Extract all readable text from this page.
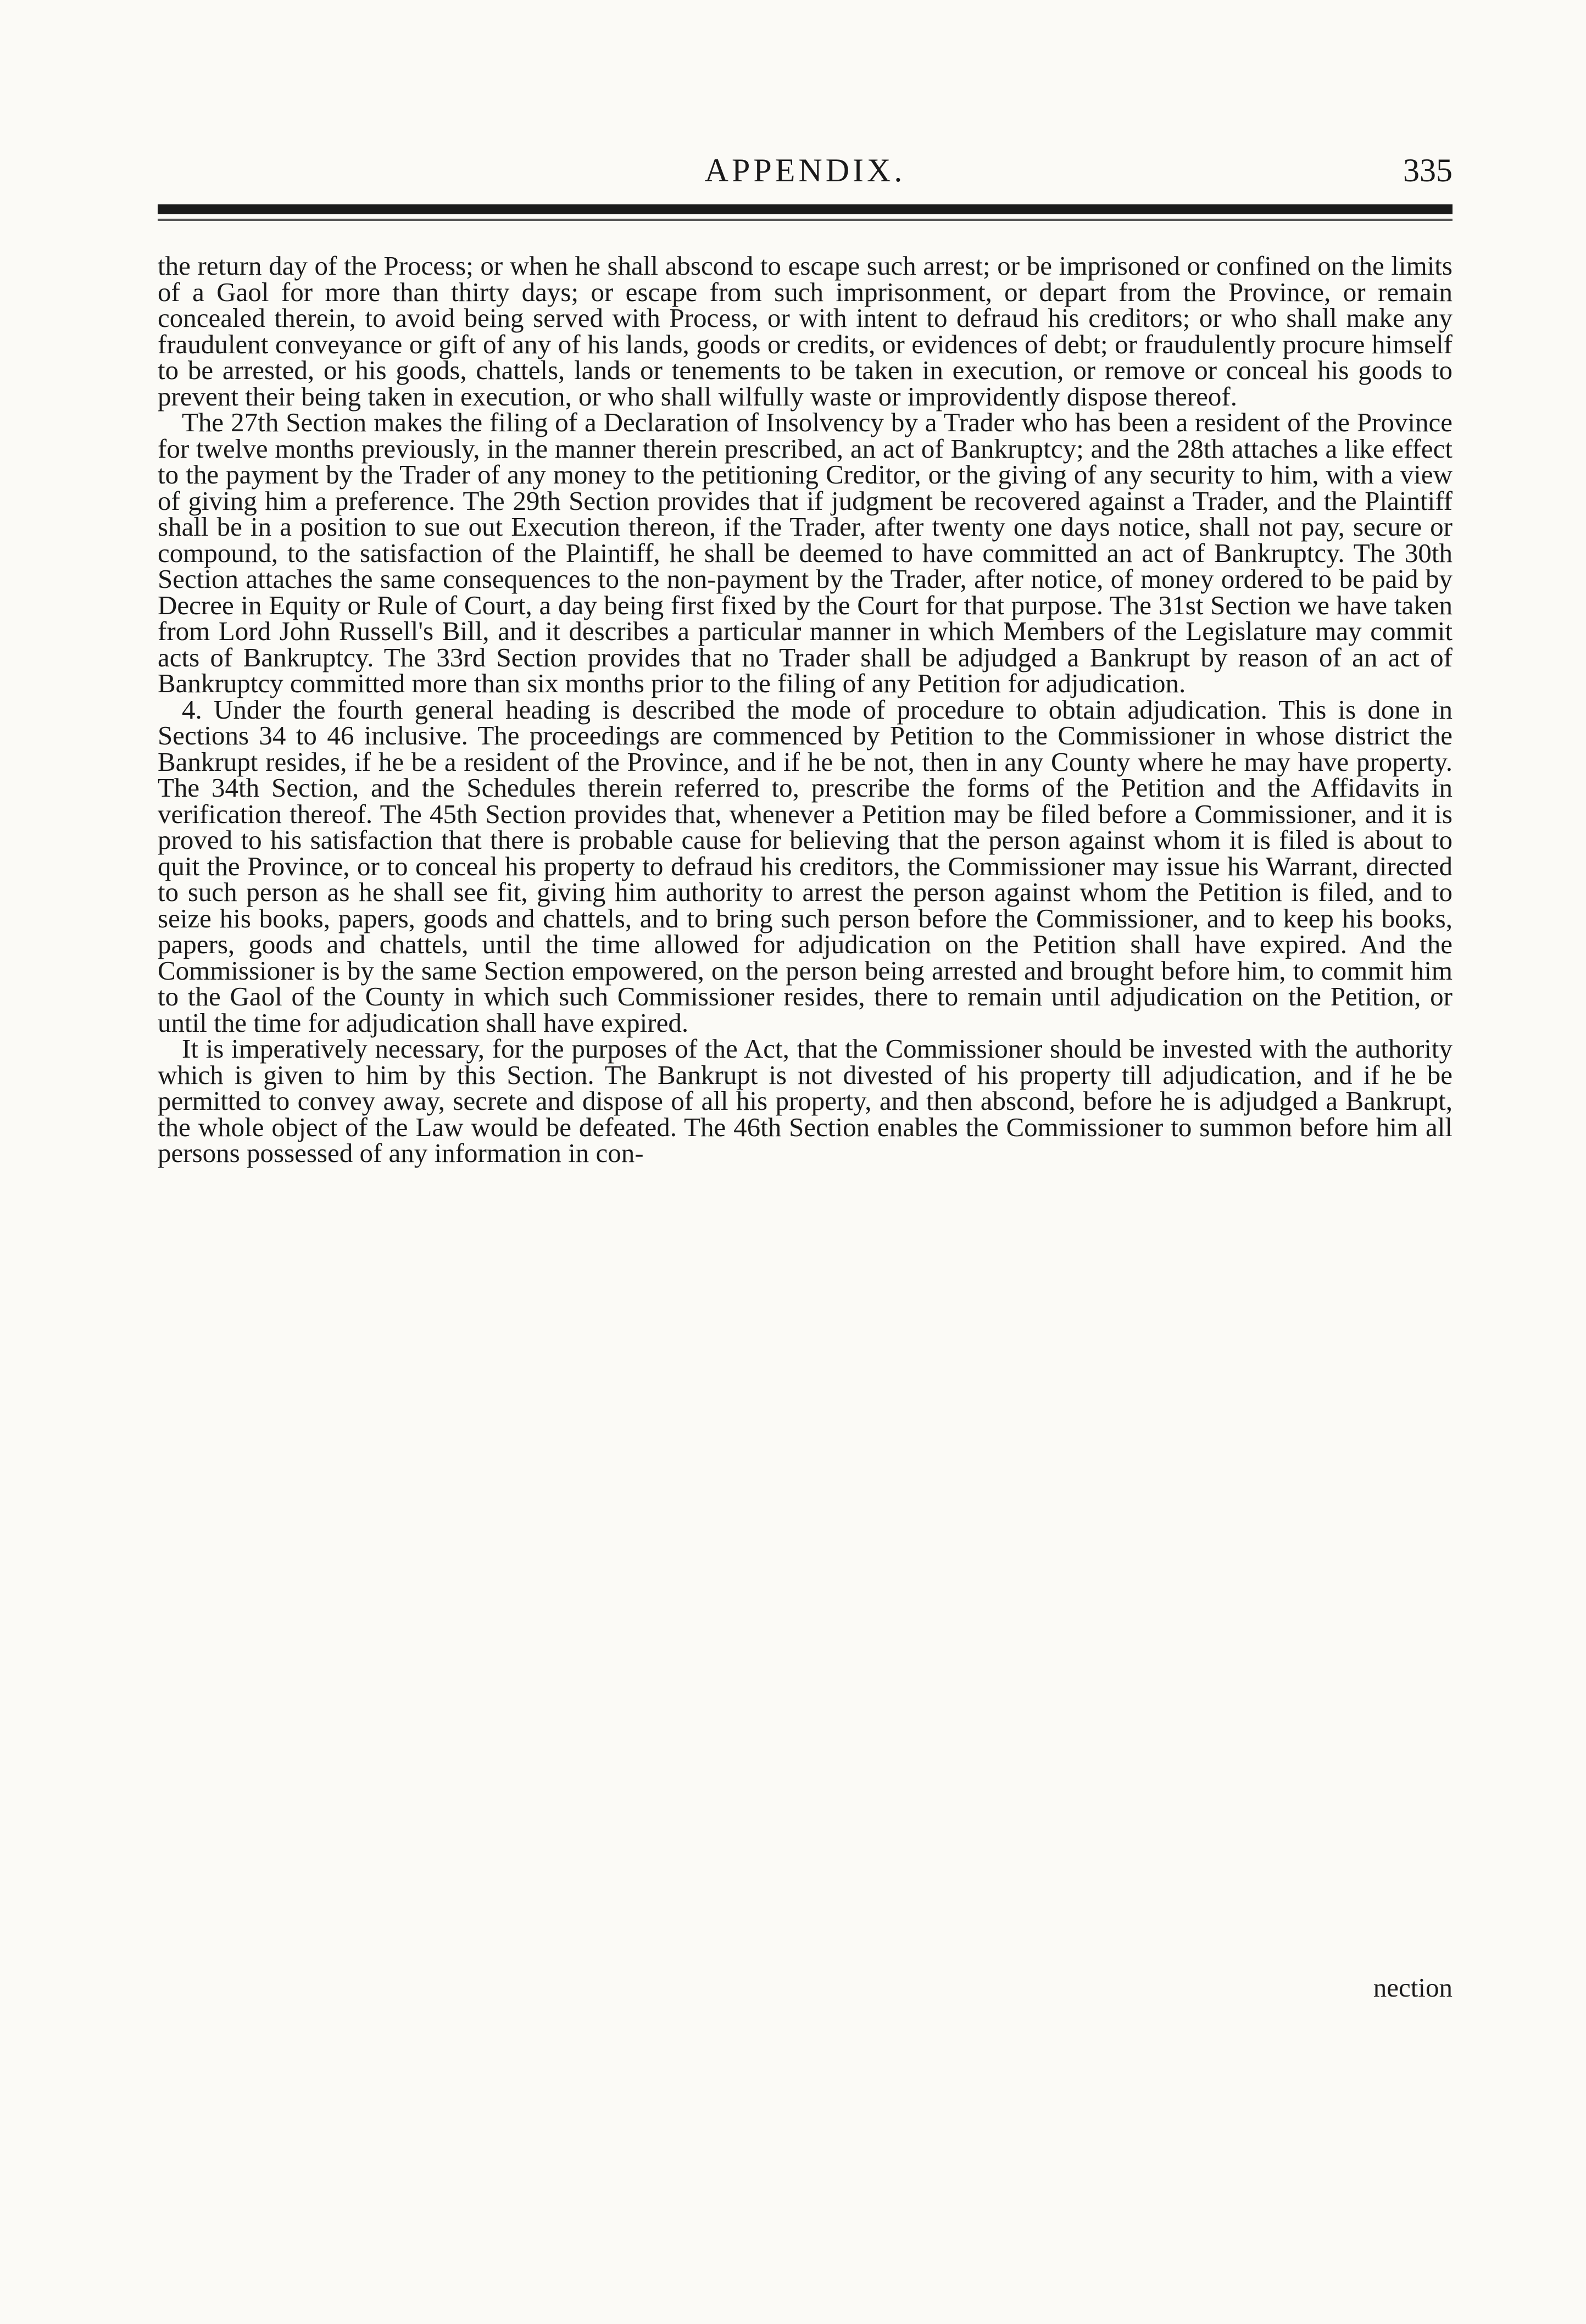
APPENDIX.	335

the return day of the Process; or when he shall abscond to escape such arrest; or be imprisoned or confined on the limits of a Gaol for more than thirty days; or escape from such imprisonment, or depart from the Province, or remain concealed therein, to avoid being served with Process, or with intent to defraud his creditors; or who shall make any fraudulent conveyance or gift of any of his lands, goods or credits, or evidences of debt; or fraudulently procure himself to be arrested, or his goods, chattels, lands or tenements to be taken in execution, or remove or conceal his goods to prevent their being taken in execution, or who shall wilfully waste or improvidently dispose thereof.

The 27th Section makes the filing of a Declaration of Insolvency by a Trader who has been a resident of the Province for twelve months previously, in the manner therein prescribed, an act of Bankruptcy; and the 28th attaches a like effect to the payment by the Trader of any money to the petitioning Creditor, or the giving of any security to him, with a view of giving him a preference. The 29th Section provides that if judgment be recovered against a Trader, and the Plaintiff shall be in a position to sue out Execution thereon, if the Trader, after twenty one days notice, shall not pay, secure or compound, to the satisfaction of the Plaintiff, he shall be deemed to have committed an act of Bankruptcy. The 30th Section attaches the same consequences to the non-payment by the Trader, after notice, of money ordered to be paid by Decree in Equity or Rule of Court, a day being first fixed by the Court for that purpose. The 31st Section we have taken from Lord John Russell's Bill, and it describes a particular manner in which Members of the Legislature may commit acts of Bankruptcy. The 33rd Section provides that no Trader shall be adjudged a Bankrupt by reason of an act of Bankruptcy committed more than six months prior to the filing of any Petition for adjudication.

4. Under the fourth general heading is described the mode of procedure to obtain adjudication. This is done in Sections 34 to 46 inclusive. The proceedings are commenced by Petition to the Commissioner in whose district the Bankrupt resides, if he be a resident of the Province, and if he be not, then in any County where he may have property. The 34th Section, and the Schedules therein referred to, prescribe the forms of the Petition and the Affidavits in verification thereof. The 45th Section provides that, whenever a Petition may be filed before a Commissioner, and it is proved to his satisfaction that there is probable cause for believing that the person against whom it is filed is about to quit the Province, or to conceal his property to defraud his creditors, the Commissioner may issue his Warrant, directed to such person as he shall see fit, giving him authority to arrest the person against whom the Petition is filed, and to seize his books, papers, goods and chattels, and to bring such person before the Commissioner, and to keep his books, papers, goods and chattels, until the time allowed for adjudication on the Petition shall have expired. And the Commissioner is by the same Section empowered, on the person being arrested and brought before him, to commit him to the Gaol of the County in which such Commissioner resides, there to remain until adjudication on the Petition, or until the time for adjudication shall have expired.

It is imperatively necessary, for the purposes of the Act, that the Commissioner should be invested with the authority which is given to him by this Section. The Bankrupt is not divested of his property till adjudication, and if he be permitted to convey away, secrete and dispose of all his property, and then abscond, before he is adjudged a Bankrupt, the whole object of the Law would be defeated. The 46th Section enables the Commissioner to summon before him all persons possessed of any information in con-

nection
